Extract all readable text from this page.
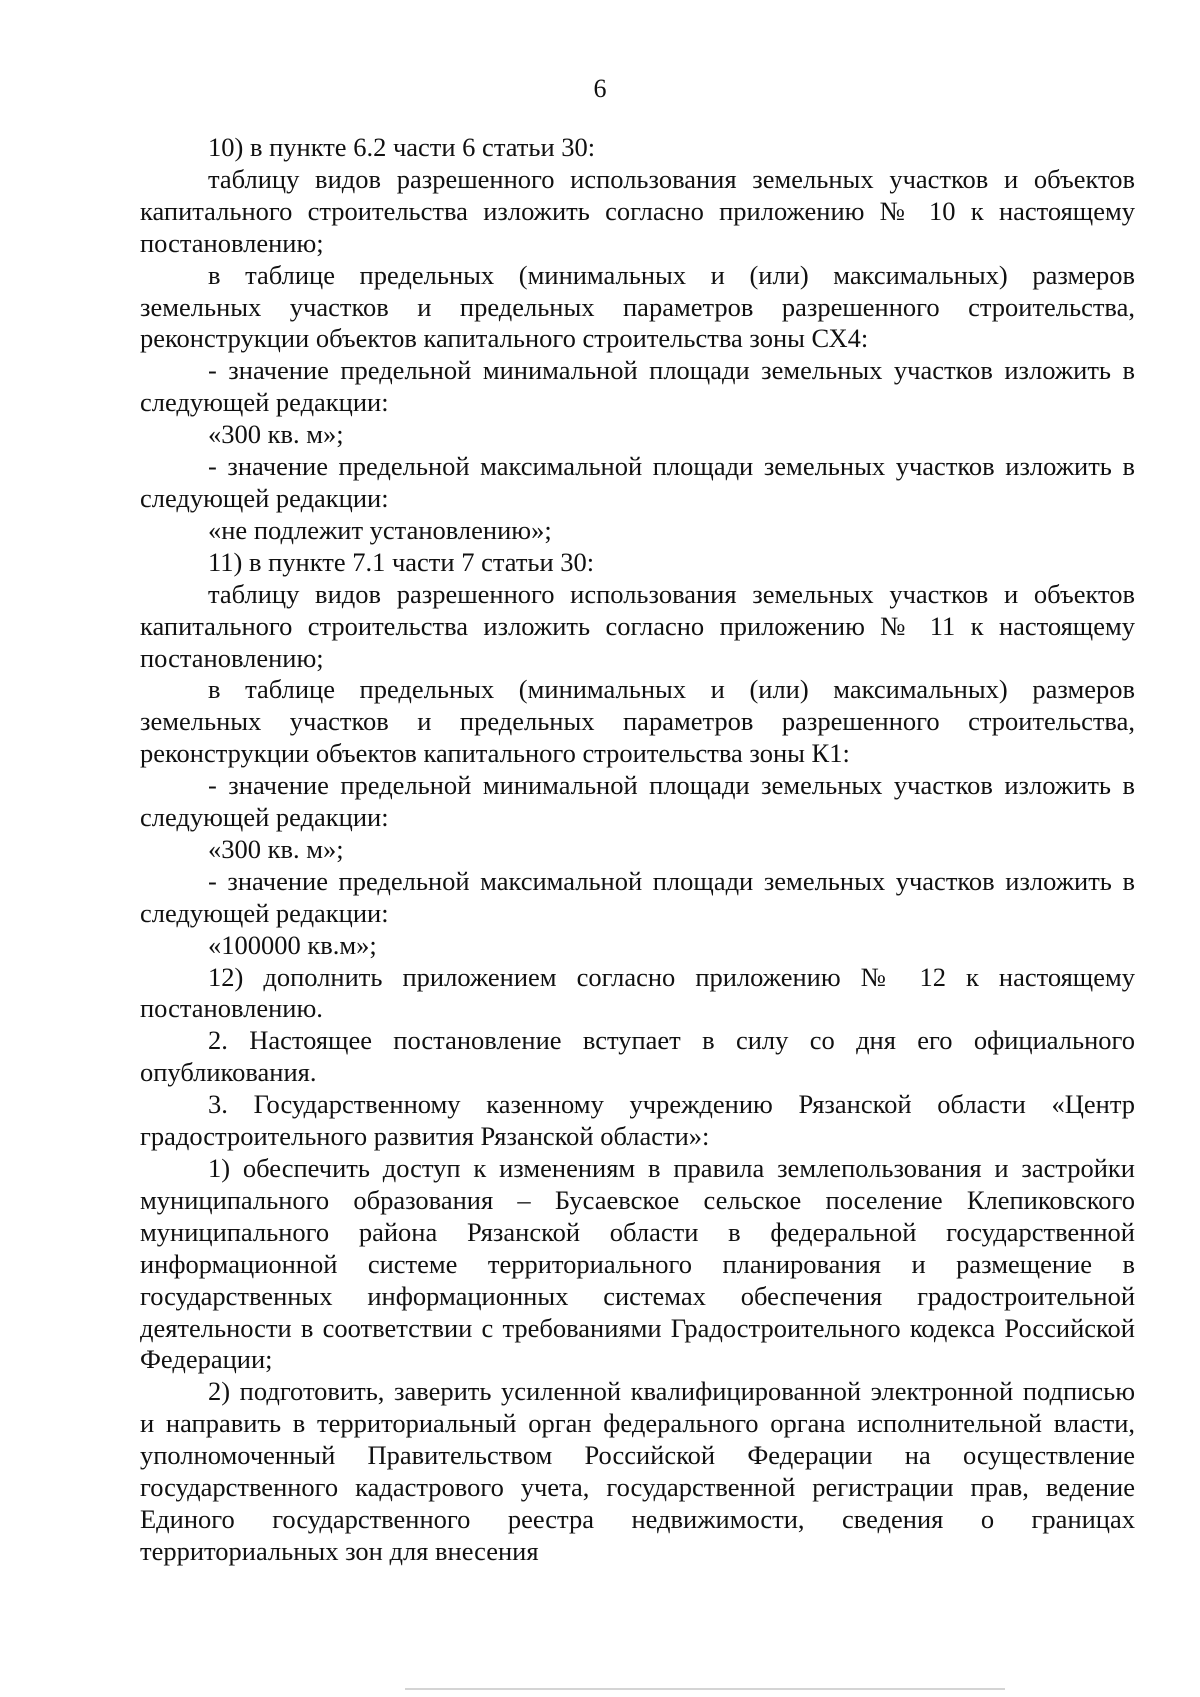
6

10) в пункте 6.2 части 6 статьи 30:

таблицу видов разрешенного использования земельных участков и объектов капитального строительства изложить согласно приложению № 10 к настоящему постановлению;

в таблице предельных (минимальных и (или) максимальных) размеров земельных участков и предельных параметров разрешенного строительства, реконструкции объектов капитального строительства зоны СХ4:

- значение предельной минимальной площади земельных участков изложить в следующей редакции:

«300 кв. м»;

- значение предельной максимальной площади земельных участков изложить в следующей редакции:

«не подлежит установлению»;

11) в пункте 7.1 части 7 статьи 30:

таблицу видов разрешенного использования земельных участков и объектов капитального строительства изложить согласно приложению № 11 к настоящему постановлению;

в таблице предельных (минимальных и (или) максимальных) размеров земельных участков и предельных параметров разрешенного строительства, реконструкции объектов капитального строительства зоны К1:

- значение предельной минимальной площади земельных участков изложить в следующей редакции:

«300 кв. м»;

- значение предельной максимальной площади земельных участков изложить в следующей редакции:

«100000 кв.м»;

12) дополнить приложением согласно приложению № 12 к настоящему постановлению.

2. Настоящее постановление вступает в силу со дня его официального опубликования.

3. Государственному казенному учреждению Рязанской области «Центр градостроительного развития Рязанской области»:

1) обеспечить доступ к изменениям в правила землепользования и застройки муниципального образования – Бусаевское сельское поселение Клепиковского муниципального района Рязанской области в федеральной государственной информационной системе территориального планирования и размещение в государственных информационных системах обеспечения градостроительной деятельности в соответствии с требованиями Градостроительного кодекса Российской Федерации;

2) подготовить, заверить усиленной квалифицированной электронной подписью и направить в территориальный орган федерального органа исполнительной власти, уполномоченный Правительством Российской Федерации на осуществление государственного кадастрового учета, государственной регистрации прав, ведение Единого государственного реестра недвижимости, сведения о границах территориальных зон для внесения
